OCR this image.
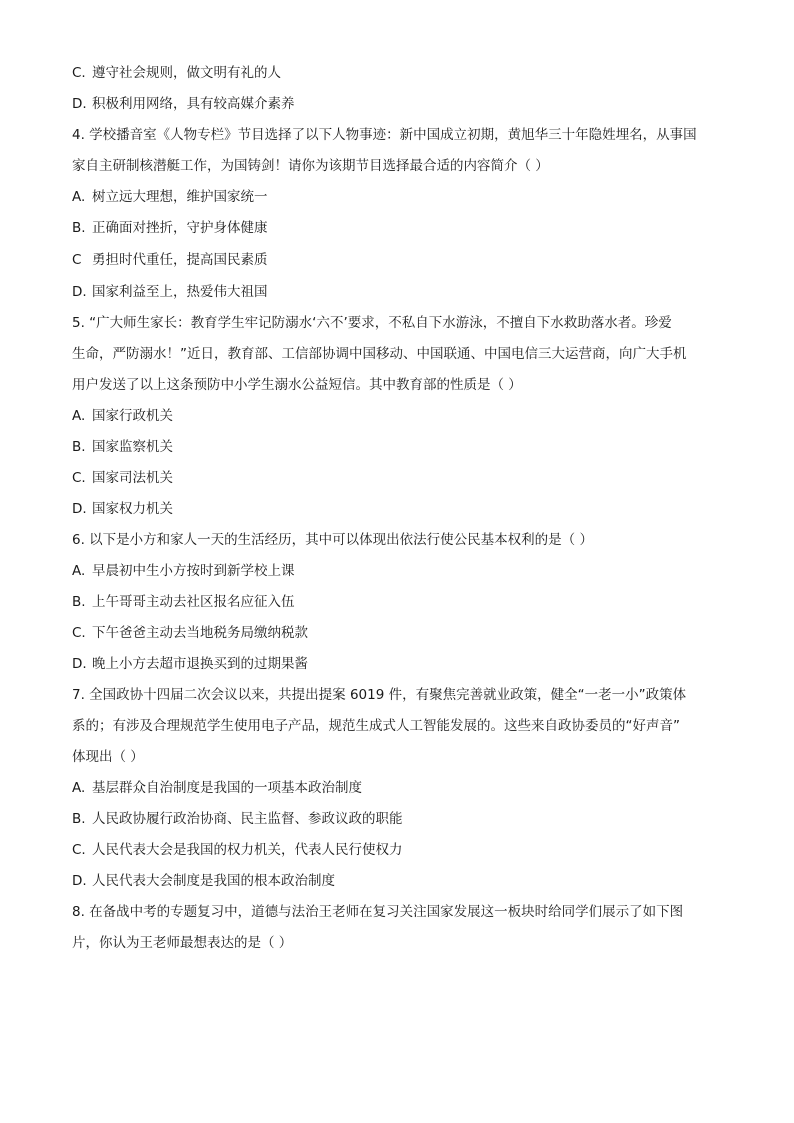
C. 遵守社会规则，做文明有礼的人
D. 积极利用网络，具有较高媒介素养
4. 学校播音室《人物专栏》节目选择了以下人物事迹：新中国成立初期，黄旭华三十年隐姓埋名，从事国
家自主研制核潜艇工作，为国铸剑！请你为该期节目选择最合适的内容简介（ ）
A. 树立远大理想，维护国家统一
B. 正确面对挫折，守护身体健康
C 勇担时代重任，提高国民素质
D. 国家利益至上，热爱伟大祖国
5. “广大师生家长：教育学生牢记防溺水‘六不’要求，不私自下水游泳，不擅自下水救助落水者。珍爱
生命，严防溺水！”近日，教育部、工信部协调中国移动、中国联通、中国电信三大运营商，向广大手机
用户发送了以上这条预防中小学生溺水公益短信。其中教育部的性质是（ ）
A. 国家行政机关
B. 国家监察机关
C. 国家司法机关
D. 国家权力机关
6. 以下是小方和家人一天的生活经历，其中可以体现出依法行使公民基本权利的是（ ）
A. 早晨初中生小方按时到新学校上课
B. 上午哥哥主动去社区报名应征入伍
C. 下午爸爸主动去当地税务局缴纳税款
D. 晚上小方去超市退换买到的过期果酱
7. 全国政协十四届二次会议以来，共提出提案 6019 件，有聚焦完善就业政策，健全“一老一小”政策体
系的；有涉及合理规范学生使用电子产品，规范生成式人工智能发展的。这些来自政协委员的“好声音”
体现出（ ）
A. 基层群众自治制度是我国的一项基本政治制度
B. 人民政协履行政治协商、民主监督、参政议政的职能
C. 人民代表大会是我国的权力机关，代表人民行使权力
D. 人民代表大会制度是我国的根本政治制度
8. 在备战中考的专题复习中，道德与法治王老师在复习关注国家发展这一板块时给同学们展示了如下图
片，你认为王老师最想表达的是（ ）
